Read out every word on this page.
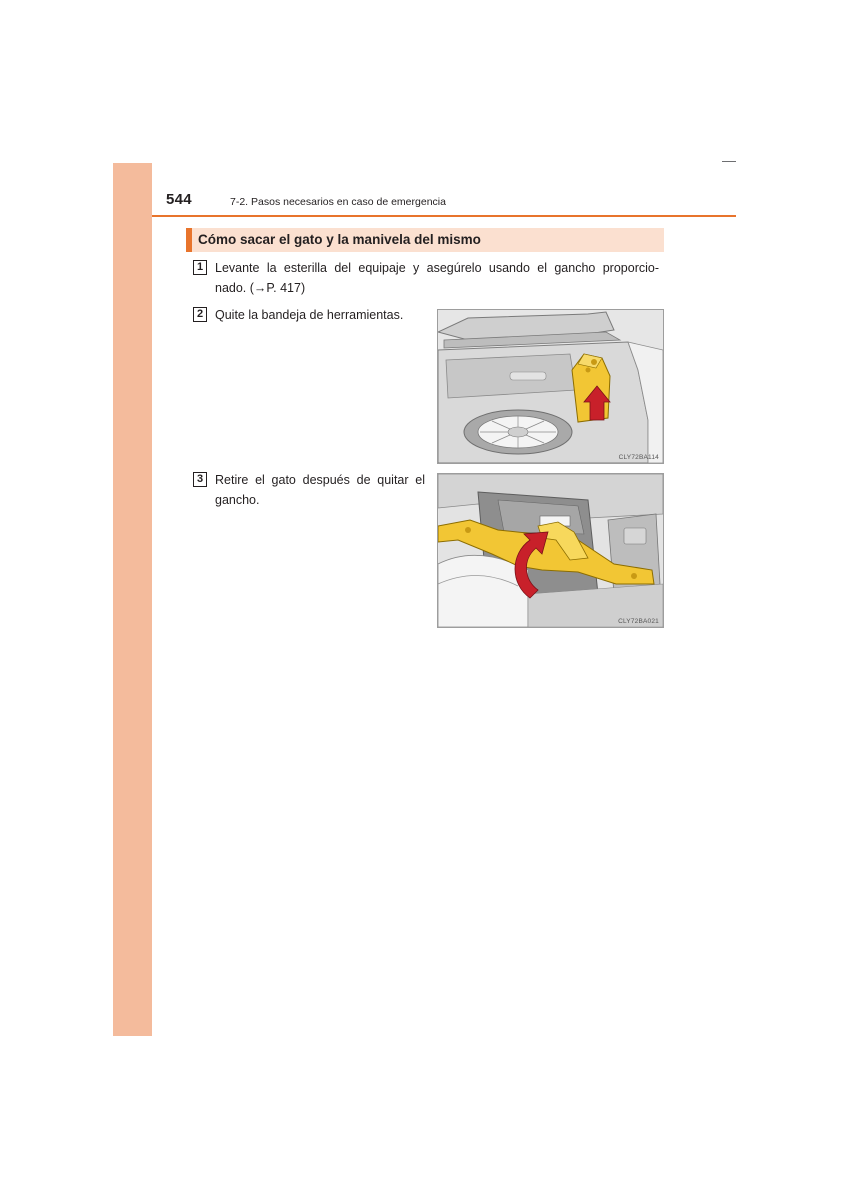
544	7-2. Pasos necesarios en caso de emergencia
Cómo sacar el gato y la manivela del mismo
1 Levante la esterilla del equipaje y asegúrelo usando el gancho proporcio-
nado. (→P. 417)
2 Quite la bandeja de herramientas.
CLY72BA114
3 Retire el gato después de quitar el
gancho.
CLY72BA021
